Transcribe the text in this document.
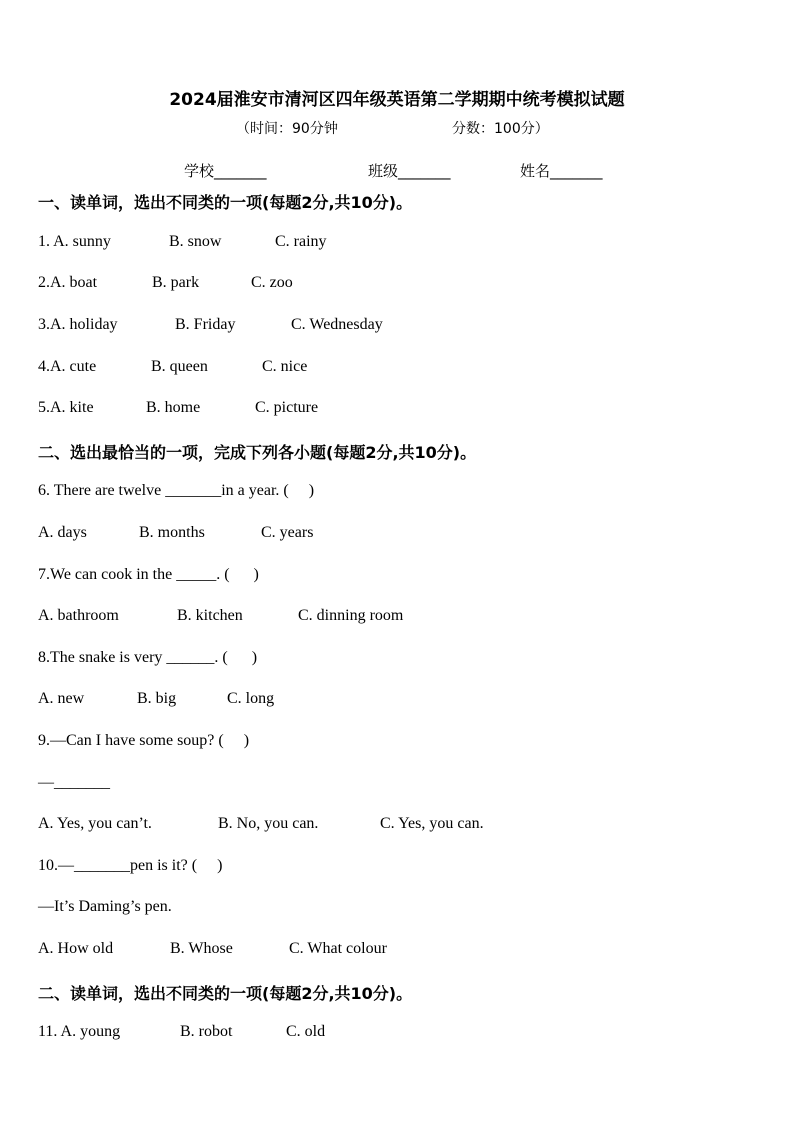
2024届淮安市清河区四年级英语第二学期期中统考模拟试题
（时间：90分钟	分数：100分）
学校_______	班级_______	姓名_______
一、读单词，选出不同类的一项(每题2分,共10分)。
1. A. sunny	B. snow	C. rainy
2.A. boat	B. park	C. zoo
3.A. holiday	B. Friday	C. Wednesday
4.A. cute	B. queen	C. nice
5.A. kite	B. home	C. picture
二、选出最恰当的一项，完成下列各小题(每题2分,共10分)。
6. There are twelve _______in a year. (     )
A. days	B. months	C. years
7.We can cook in the _____. (      )
A. bathroom	B. kitchen	C. dinning room
8.The snake is very ______. (      )
A. new	B. big	C. long
9.—Can I have some soup? (     )
—_______
A. Yes, you can’t.	B. No, you can.	C. Yes, you can.
10.—_______pen is it? (     )
—It’s Daming’s pen.
A. How old	B. Whose	C. What colour
二、读单词，选出不同类的一项(每题2分,共10分)。
11. A. young	B. robot	C. old
